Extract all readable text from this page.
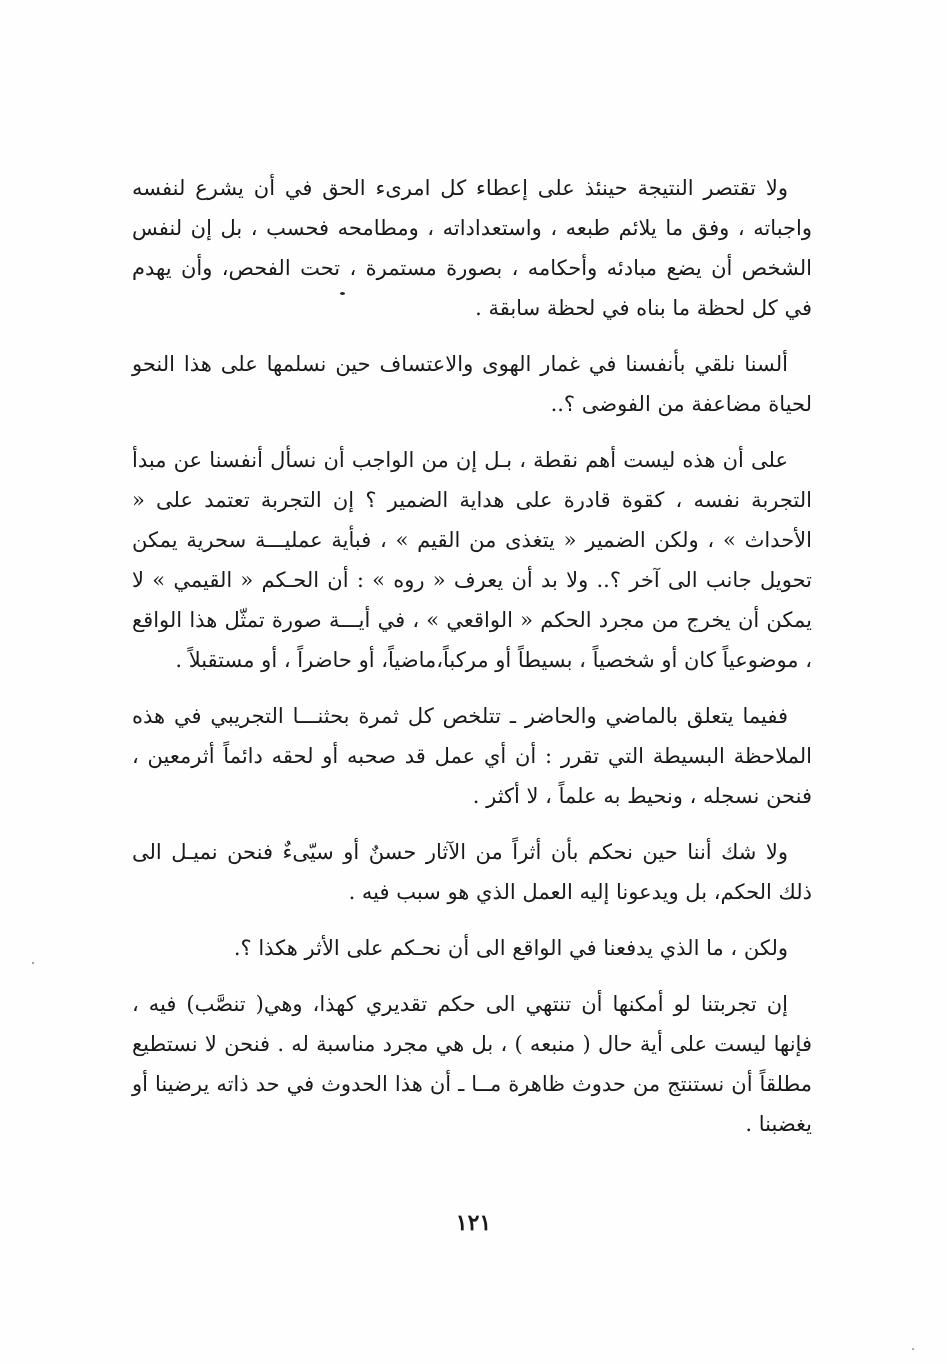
ولا تقتصر النتيجة حينئذ على إعطاء كل امرىء الحق في أن يشرع لنفسه واجباته ، وفق ما يلائم طبعه ، واستعداداته ، ومطامحه فحسب ، بل إن لنفس الشخص أن يضع مبادئه وأحكامه ، بصورة مستمرة ، تحت الفحص، وأن يهدم في كل لحظة ما بناه في لحظة سابقة .

ألسنا نلقي بأنفسنا في غمار الهوى والاعتساف حين نسلمها على هذا النحو لحياة مضاعفة من الفوضى ؟..

على أن هذه ليست أهم نقطة ، بـل إن من الواجب أن نسأل أنفسنا عن مبدأ التجربة نفسه ، كقوة قادرة على هداية الضمير ؟ إن التجربة تعتمد على « الأحداث » ، ولكن الضمير « يتغذى من القيم » ، فبأية عمليـــة سحرية يمكن تحويل جانب الى آخر ؟.. ولا بد أن يعرف « روه » : أن الحـكم « القيمي » لا يمكن أن يخرج من مجرد الحكم « الواقعي » ، في أيـــة صورة تمثّل هذا الواقع ، موضوعياً كان أو شخصياً ، بسيطاً أو مركباً،ماضياً، أو حاضراً ، أو مستقبلاً .

ففيما يتعلق بالماضي والحاضر ـ تتلخص كل ثمرة بحثنـــا التجريبي في هذه الملاحظة البسيطة التي تقرر : أن أي عمل قد صحبه أو لحقه دائماً أثرمعين ، فنحن نسجله ، ونحيط به علماً ، لا أكثر .

ولا شك أننا حين نحكم بأن أثراً من الآثار حسنٌ أو سيّىءٌ فنحن نميـل الى ذلك الحكم، بل ويدعونا إليه العمل الذي هو سبب فيه .

ولكن ، ما الذي يدفعنا في الواقع الى أن نحـكم على الأثر هكذا ؟.

إن تجربتنا لو أمكنها أن تنتهي الى حكم تقديري كهذا، وهي( تنصَّب) فيه ، فإنها ليست على أية حال ( منبعه ) ، بل هي مجرد مناسبة له . فنحن لا نستطيع مطلقاً أن نستنتج من حدوث ظاهرة مــا ـ أن هذا الحدوث في حد ذاته يرضينا أو يغضبنا .

١٢١
